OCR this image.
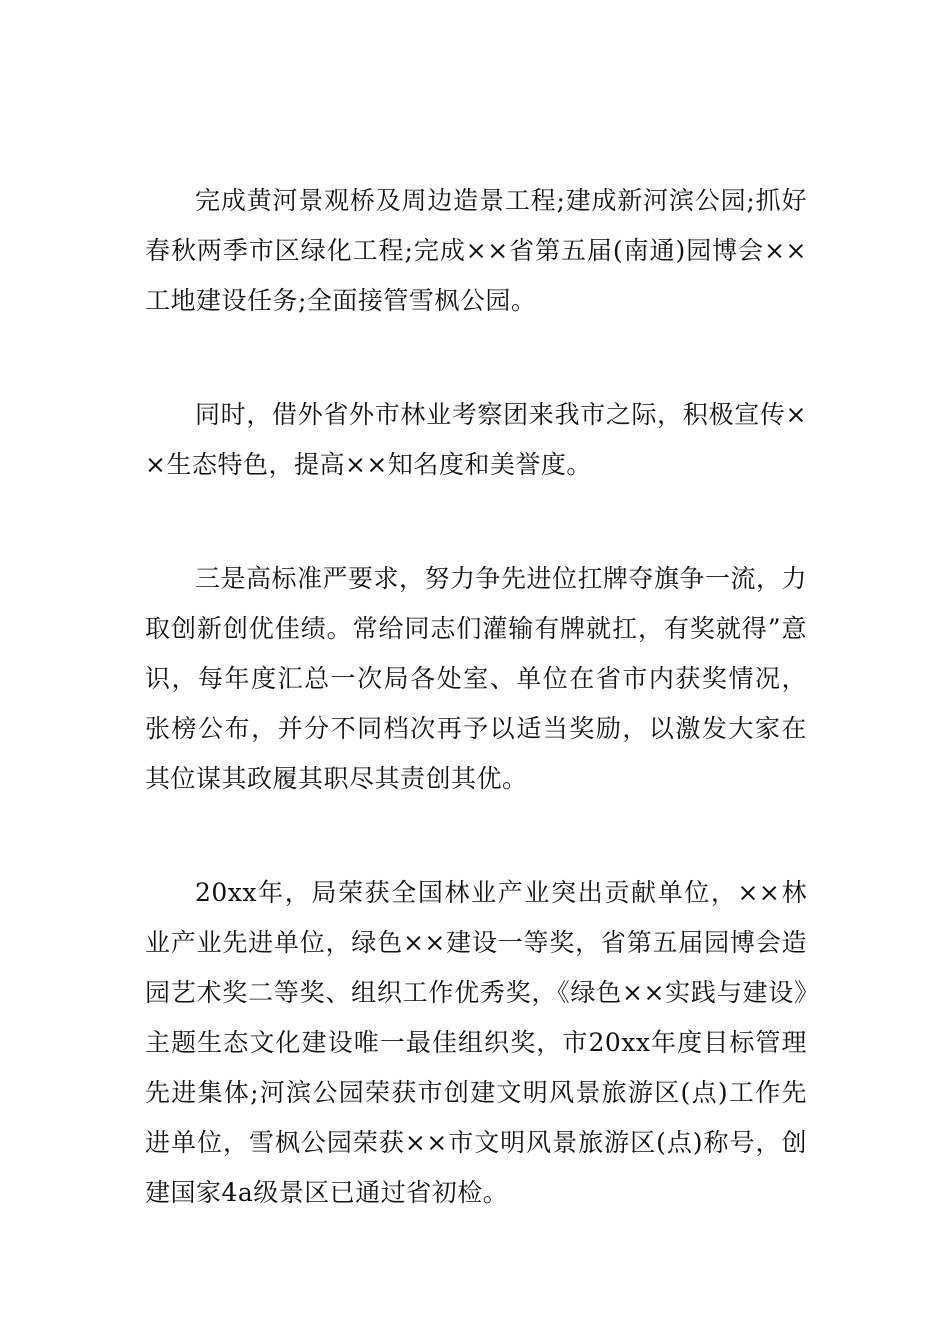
完成黄河景观桥及周边造景工程;建成新河滨公园;抓好春秋两季市区绿化工程;完成××省第五届(南通)园博会××工地建设任务;全面接管雪枫公园。

同时，借外省外市林业考察团来我市之际，积极宣传××生态特色，提高××知名度和美誉度。

三是高标准严要求，努力争先进位扛牌夺旗争一流，力取创新创优佳绩。常给同志们灌输有牌就扛，有奖就得”意识，每年度汇总一次局各处室、单位在省市内获奖情况，张榜公布，并分不同档次再予以适当奖励，以激发大家在其位谋其政履其职尽其责创其优。

20xx年，局荣获全国林业产业突出贡献单位，××林业产业先进单位，绿色××建设一等奖，省第五届园博会造园艺术奖二等奖、组织工作优秀奖，《绿色××实践与建设》主题生态文化建设唯一最佳组织奖，市20xx年度目标管理先进集体;河滨公园荣获市创建文明风景旅游区(点)工作先进单位，雪枫公园荣获××市文明风景旅游区(点)称号，创建国家4a级景区已通过省初检。
